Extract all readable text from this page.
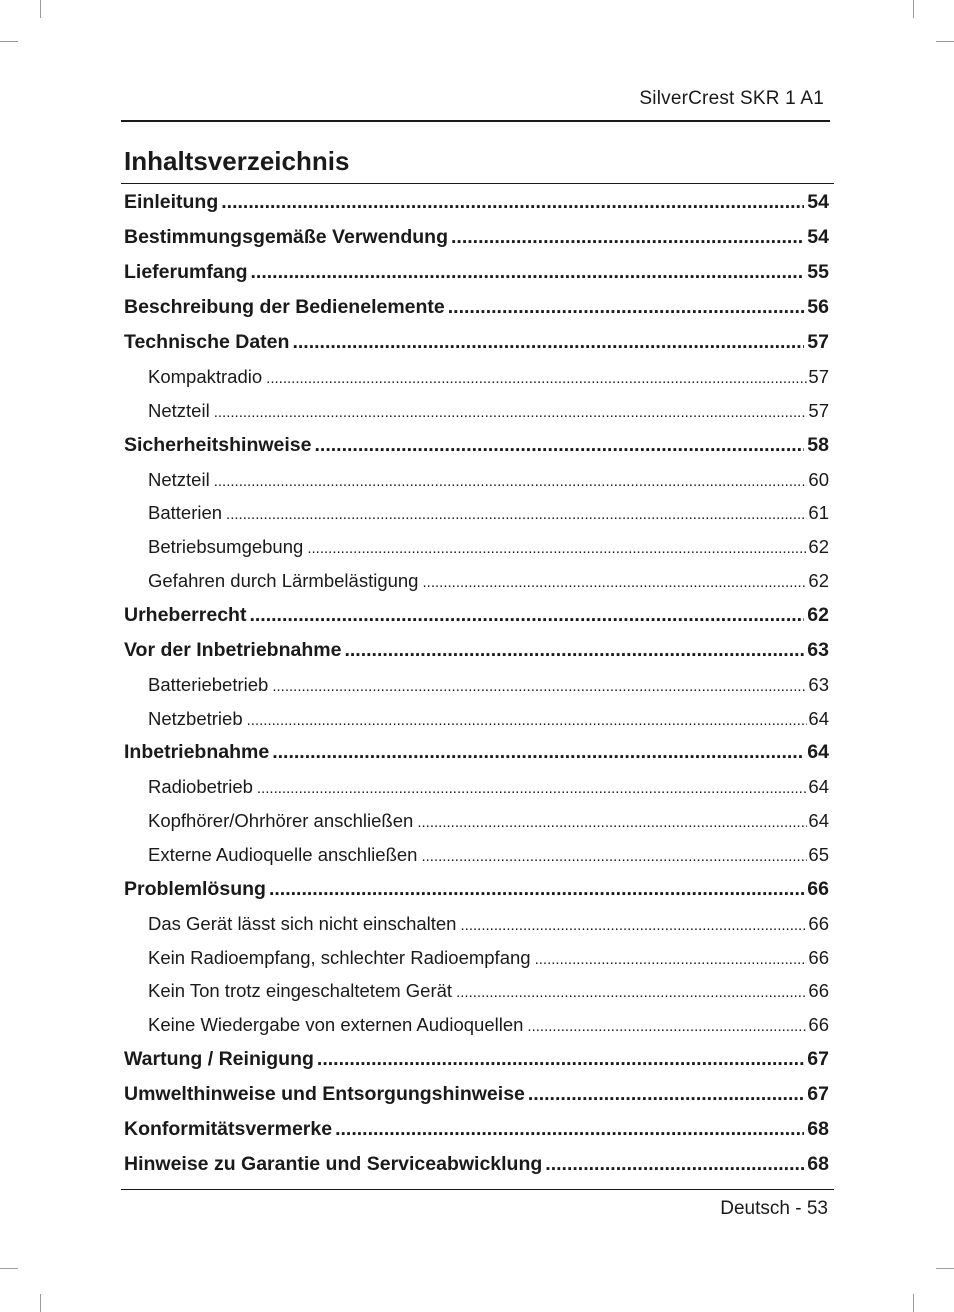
SilverCrest SKR 1 A1
Inhaltsverzeichnis
Einleitung .....	54
Bestimmungsgemäße Verwendung .....	54
Lieferumfang .....	55
Beschreibung der Bedienelemente .....	56
Technische Daten .....	57
Kompaktradio .....	57
Netzteil .....	57
Sicherheitshinweise .....	58
Netzteil .....	60
Batterien .....	61
Betriebsumgebung .....	62
Gefahren durch Lärmbelästigung .....	62
Urheberrecht .....	62
Vor der Inbetriebnahme .....	63
Batteriebetrieb .....	63
Netzbetrieb .....	64
Inbetriebnahme .....	64
Radiobetrieb .....	64
Kopfhörer/Ohrhörer anschließen .....	64
Externe Audioquelle anschließen .....	65
Problemlösung .....	66
Das Gerät lässt sich nicht einschalten .....	66
Kein Radioempfang, schlechter Radioempfang .....	66
Kein Ton trotz eingeschaltetem Gerät .....	66
Keine Wiedergabe von externen Audioquellen .....	66
Wartung / Reinigung .....	67
Umwelthinweise und Entsorgungshinweise .....	67
Konformitätsvermerke .....	68
Hinweise zu Garantie und Serviceabwicklung .....	68
Deutsch - 53
